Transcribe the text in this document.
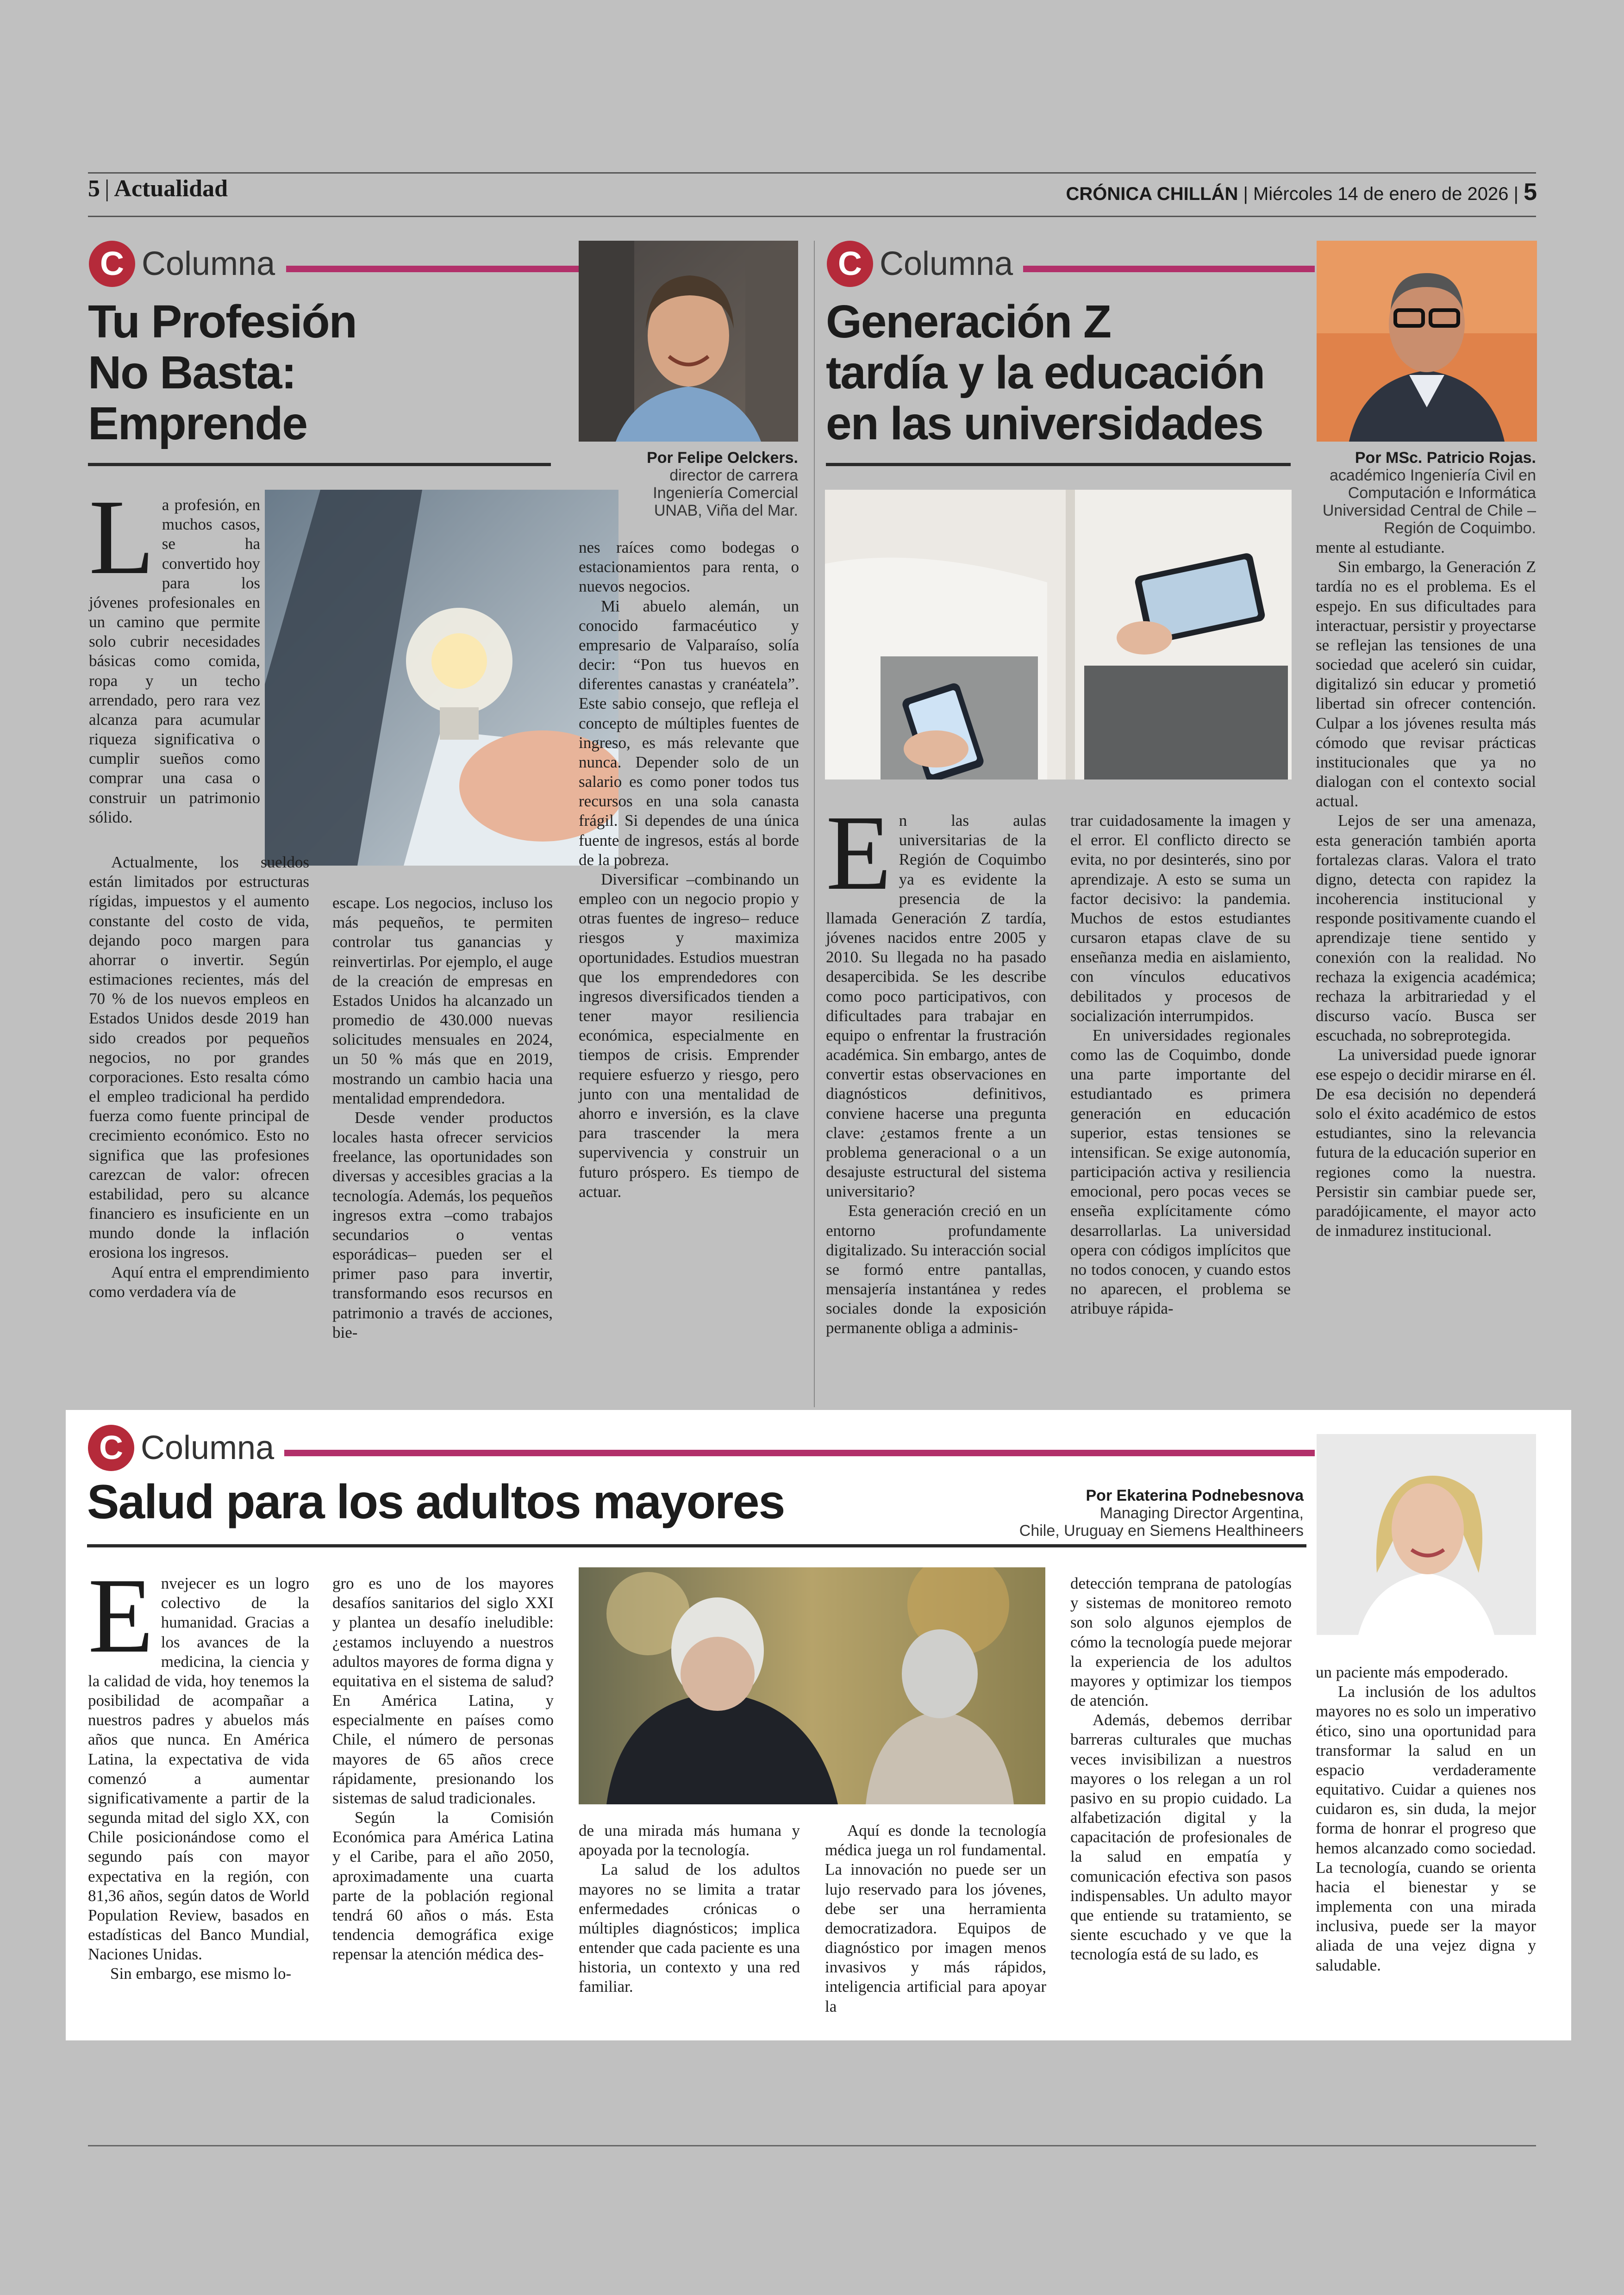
5 | Actualidad	CRÓNICA CHILLÁN | Miércoles 14 de enero de 2026 | 5
C Columna
Tu Profesión
No Basta:
Emprende
Por Felipe Oelckers.
director de carrera
Ingeniería Comercial
UNAB, Viña del Mar.
L a profesión, en muchos casos, se ha convertido hoy para los jóvenes profesionales en un camino que permite solo cubrir necesidades básicas como comida, ropa y un techo arrendado, pero rara vez alcanza para acumular riqueza significativa o cumplir sueños como comprar una casa o construir un patrimonio sólido.

Actualmente, los sueldos están limitados por estructuras rígidas, impuestos y el aumento constante del costo de vida, dejando poco margen para ahorrar o invertir. Según estimaciones recientes, más del 70 % de los nuevos empleos en Estados Unidos desde 2019 han sido creados por pequeños negocios, no por grandes corporaciones. Esto resalta cómo el empleo tradicional ha perdido fuerza como fuente principal de crecimiento económico. Esto no significa que las profesiones carezcan de valor: ofrecen estabilidad, pero su alcance financiero es insuficiente en un mundo donde la inflación erosiona los ingresos.

Aquí entra el emprendimiento como verdadera vía de

escape. Los negocios, incluso los más pequeños, te permiten controlar tus ganancias y reinvertirlas. Por ejemplo, el auge de la creación de empresas en Estados Unidos ha alcanzado un promedio de 430.000 nuevas solicitudes mensuales en 2024, un 50 % más que en 2019, mostrando un cambio hacia una mentalidad emprendedora.

Desde vender productos locales hasta ofrecer servicios freelance, las oportunidades son diversas y accesibles gracias a la tecnología. Además, los pequeños ingresos extra –como trabajos secundarios o ventas esporádicas– pueden ser el primer paso para invertir, transformando esos recursos en patrimonio a través de acciones, bie-

nes raíces como bodegas o estacionamientos para renta, o nuevos negocios.

Mi abuelo alemán, un conocido farmacéutico y empresario de Valparaíso, solía decir: “Pon tus huevos en diferentes canastas y cranéatela”. Este sabio consejo, que refleja el concepto de múltiples fuentes de ingreso, es más relevante que nunca. Depender solo de un salario es como poner todos tus recursos en una sola canasta frágil. Si dependes de una única fuente de ingresos, estás al borde de la pobreza.

Diversificar –combinando un empleo con un negocio propio y otras fuentes de ingreso– reduce riesgos y maximiza oportunidades. Estudios muestran que los emprendedores con ingresos diversificados tienden a tener mayor resiliencia económica, especialmente en tiempos de crisis. Emprender requiere esfuerzo y riesgo, pero junto con una mentalidad de ahorro e inversión, es la clave para trascender la mera supervivencia y construir un futuro próspero. Es tiempo de actuar.

C Columna
Generación Z
tardía y la educación
en las universidades
Por MSc. Patricio Rojas.
académico Ingeniería Civil en
Computación e Informática
Universidad Central de Chile –
Región de Coquimbo.
E n las aulas universitarias de la Región de Coquimbo ya es evidente la presencia de la llamada Generación Z tardía, jóvenes nacidos entre 2005 y 2010. Su llegada no ha pasado desapercibida. Se les describe como poco participativos, con dificultades para trabajar en equipo o enfrentar la frustración académica. Sin embargo, antes de convertir estas observaciones en diagnósticos definitivos, conviene hacerse una pregunta clave: ¿estamos frente a un problema generacional o a un desajuste estructural del sistema universitario?

Esta generación creció en un entorno profundamente digitalizado. Su interacción social se formó entre pantallas, mensajería instantánea y redes sociales donde la exposición permanente obliga a adminis-

trar cuidadosamente la imagen y el error. El conflicto directo se evita, no por desinterés, sino por aprendizaje. A esto se suma un factor decisivo: la pandemia. Muchos de estos estudiantes cursaron etapas clave de su enseñanza media en aislamiento, con vínculos educativos debilitados y procesos de socialización interrumpidos.

En universidades regionales como las de Coquimbo, donde una parte importante del estudiantado es primera generación en educación superior, estas tensiones se intensifican. Se exige autonomía, participación activa y resiliencia emocional, pero pocas veces se enseña explícitamente cómo desarrollarlas. La universidad opera con códigos implícitos que no todos conocen, y cuando estos no aparecen, el problema se atribuye rápida-

mente al estudiante.

Sin embargo, la Generación Z tardía no es el problema. Es el espejo. En sus dificultades para interactuar, persistir y proyectarse se reflejan las tensiones de una sociedad que aceleró sin cuidar, digitalizó sin educar y prometió libertad sin ofrecer contención. Culpar a los jóvenes resulta más cómodo que revisar prácticas institucionales que ya no dialogan con el contexto social actual.

Lejos de ser una amenaza, esta generación también aporta fortalezas claras. Valora el trato digno, detecta con rapidez la incoherencia institucional y responde positivamente cuando el aprendizaje tiene sentido y conexión con la realidad. No rechaza la exigencia académica; rechaza la arbitrariedad y el discurso vacío. Busca ser escuchada, no sobreprotegida.

La universidad puede ignorar ese espejo o decidir mirarse en él. De esa decisión no dependerá solo el éxito académico de estos estudiantes, sino la relevancia futura de la educación superior en regiones como la nuestra. Persistir sin cambiar puede ser, paradójicamente, el mayor acto de inmadurez institucional.

C Columna
Salud para los adultos mayores	Por Ekaterina Podnebesnova
Managing Director Argentina,
Chile, Uruguay en Siemens Healthineers
E nvejecer es un logro colectivo de la humanidad. Gracias a los avances de la medicina, la ciencia y la calidad de vida, hoy tenemos la posibilidad de acompañar a nuestros padres y abuelos más años que nunca. En América Latina, la expectativa de vida comenzó a aumentar significativamente a partir de la segunda mitad del siglo XX, con Chile posicionándose como el segundo país con mayor expectativa en la región, con 81,36 años, según datos de World Population Review, basados en estadísticas del Banco Mundial, Naciones Unidas.

Sin embargo, ese mismo lo-

gro es uno de los mayores desafíos sanitarios del siglo XXI y plantea un desafío ineludible: ¿estamos incluyendo a nuestros adultos mayores de forma digna y equitativa en el sistema de salud? En América Latina, y especialmente en países como Chile, el número de personas mayores de 65 años crece rápidamente, presionando los sistemas de salud tradicionales.

Según la Comisión Económica para América Latina y el Caribe, para el año 2050, aproximadamente una cuarta parte de la población regional tendrá 60 años o más. Esta tendencia demográfica exige repensar la atención médica des-

de una mirada más humana y apoyada por la tecnología.

La salud de los adultos mayores no se limita a tratar enfermedades crónicas o múltiples diagnósticos; implica entender que cada paciente es una historia, un contexto y una red familiar.

Aquí es donde la tecnología médica juega un rol fundamental. La innovación no puede ser un lujo reservado para los jóvenes, debe ser una herramienta democratizadora. Equipos de diagnóstico por imagen menos invasivos y más rápidos, inteligencia artificial para apoyar la

detección temprana de patologías y sistemas de monitoreo remoto son solo algunos ejemplos de cómo la tecnología puede mejorar la experiencia de los adultos mayores y optimizar los tiempos de atención.

Además, debemos derribar barreras culturales que muchas veces invisibilizan a nuestros mayores o los relegan a un rol pasivo en su propio cuidado. La alfabetización digital y la capacitación de profesionales de la salud en empatía y comunicación efectiva son pasos indispensables. Un adulto mayor que entiende su tratamiento, se siente escuchado y ve que la tecnología está de su lado, es

un paciente más empoderado.

La inclusión de los adultos mayores no es solo un imperativo ético, sino una oportunidad para transformar la salud en un espacio verdaderamente equitativo. Cuidar a quienes nos cuidaron es, sin duda, la mejor forma de honrar el progreso que hemos alcanzado como sociedad. La tecnología, cuando se orienta hacia el bienestar y se implementa con una mirada inclusiva, puede ser la mayor aliada de una vejez digna y saludable.
